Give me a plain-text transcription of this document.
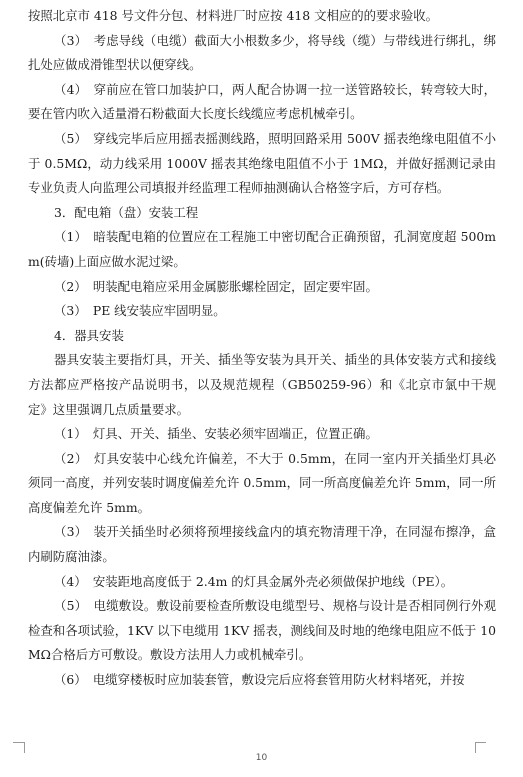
按照北京市 418 号文件分包、材料进厂时应按 418 文相应的的要求验收。

（3）　考虑导线（电缆）截面大小根数多少，将导线（缆）与带线进行绑扎，绑扎处应做成滑锥型状以便穿线。

（4）　穿前应在管口加装护口，两人配合协调一拉一送管路较长，转弯较大时，要在管内吹入适量滑石粉截面大长度长线缆应考虑机械牵引。

（5）　穿线完毕后应用摇表摇测线路，照明回路采用 500V 摇表绝缘电阻值不小于 0.5MΩ，动力线采用 1000V 摇表其绝缘电阻值不小于 1MΩ，并做好摇测记录由专业负责人向监理公司填报并经监理工程师抽测确认合格签字后，方可存档。

3．配电箱（盘）安装工程

（1）　暗装配电箱的位置应在工程施工中密切配合正确预留，孔洞宽度超 500mm(砖墙)上面应做水泥过梁。

（2）　明装配电箱应采用金属膨胀螺栓固定，固定要牢固。

（3）　PE 线安装应牢固明显。

4．器具安装

器具安装主要指灯具，开关、插坐等安装为具开关、插坐的具体安装方式和接线方法都应严格按产品说明书，以及规范规程（GB50259-96）和《北京市氯中干规定》这里强调几点质量要求。

（1）　灯具、开关、插坐、安装必须牢固端正，位置正确。

（2）　灯具安装中心线允许偏差，不大于 0.5mm，在同一室内开关插坐灯具必须同一高度，并列安装时调度偏差允许 0.5mm，同一所高度偏差允许 5mm，同一所高度偏差允许 5mm。

（3）　装开关插坐时必须将预埋接线盒内的填充物清理干净，在同湿布擦净，盒内刷防腐油漆。

（4）　安装距地高度低于 2.4m 的灯具金属外壳必须做保护地线（PE）。

（5）　电缆敷设。敷设前要检查所敷设电缆型号、规格与设计是否相同例行外观检查和各项试验，1KV 以下电缆用 1KV 摇表，测线间及时地的绝缘电阻应不低于 10MΩ合格后方可敷设。敷设方法用人力或机械牵引。

（6）　电缆穿楼板时应加装套管，敷设完后应将套管用防火材料堵死，并按

10
